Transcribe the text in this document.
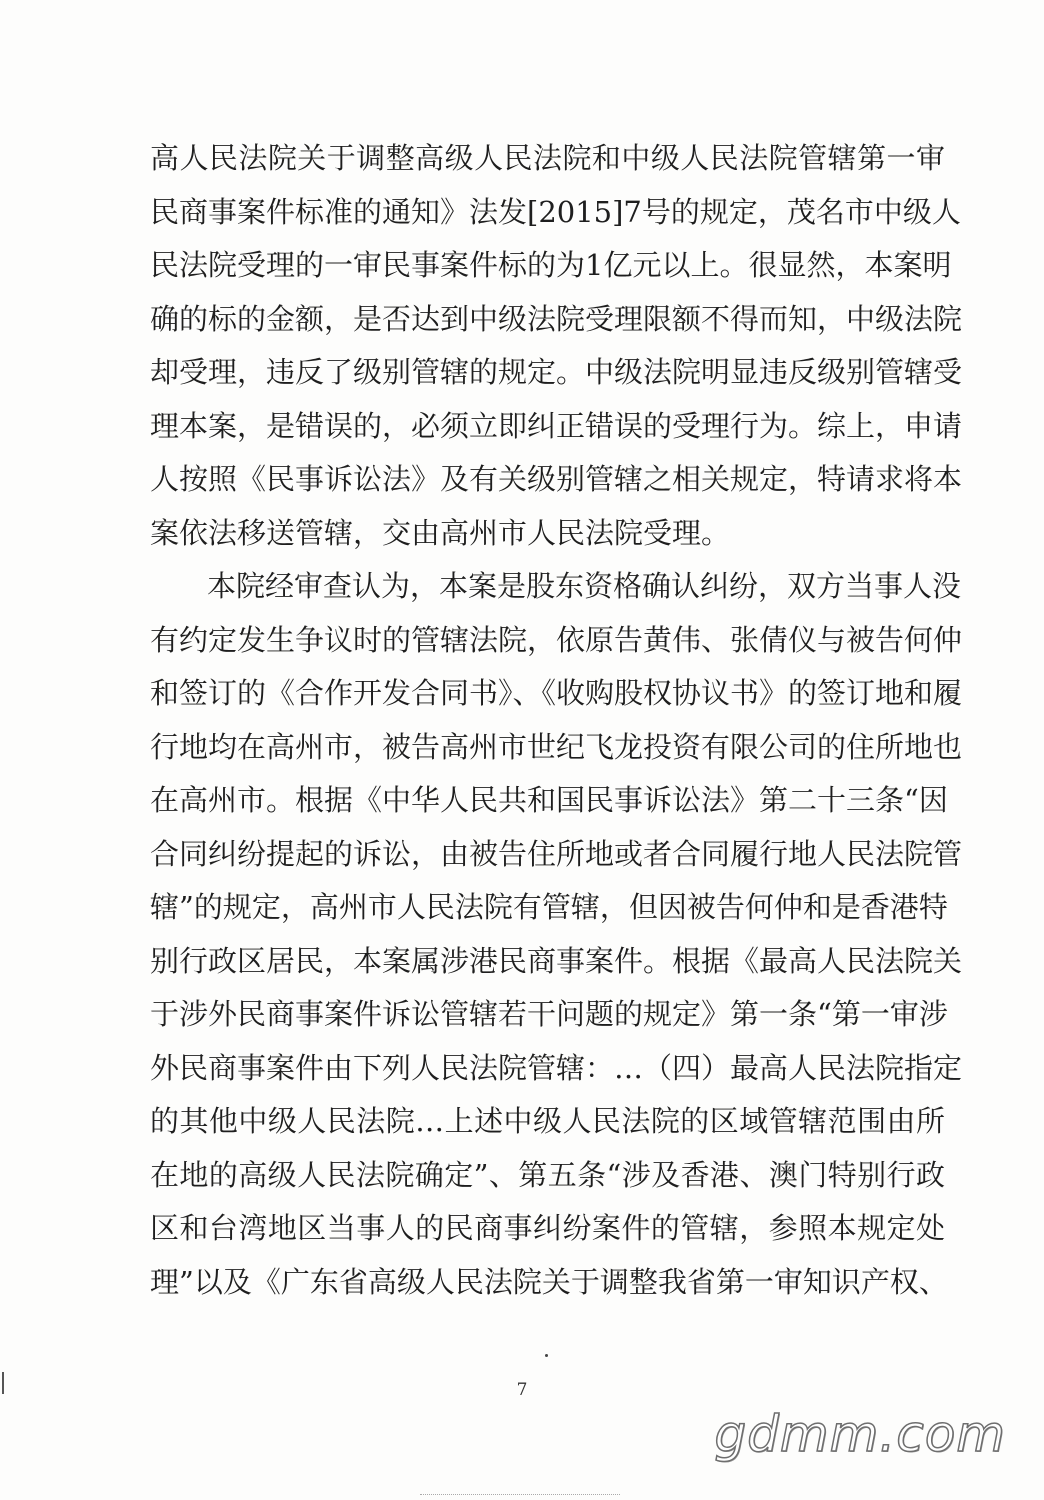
高人民法院关于调整高级人民法院和中级人民法院管辖第一审
民商事案件标准的通知》法发[2015]7号的规定，茂名市中级人
民法院受理的一审民事案件标的为1亿元以上。很显然，本案明
确的标的金额，是否达到中级法院受理限额不得而知，中级法院
却受理，违反了级别管辖的规定。中级法院明显违反级别管辖受
理本案，是错误的，必须立即纠正错误的受理行为。综上，申请
人按照《民事诉讼法》及有关级别管辖之相关规定，特请求将本
案依法移送管辖，交由高州市人民法院受理。
本院经审查认为，本案是股东资格确认纠纷，双方当事人没
有约定发生争议时的管辖法院，依原告黄伟、张倩仪与被告何仲
和签订的《合作开发合同书》、《收购股权协议书》的签订地和履
行地均在高州市，被告高州市世纪飞龙投资有限公司的住所地也
在高州市。根据《中华人民共和国民事诉讼法》第二十三条“因
合同纠纷提起的诉讼，由被告住所地或者合同履行地人民法院管
辖”的规定，高州市人民法院有管辖，但因被告何仲和是香港特
别行政区居民，本案属涉港民商事案件。根据《最高人民法院关
于涉外民商事案件诉讼管辖若干问题的规定》第一条“第一审涉
外民商事案件由下列人民法院管辖：…（四）最高人民法院指定
的其他中级人民法院…上述中级人民法院的区域管辖范围由所
在地的高级人民法院确定”、第五条“涉及香港、澳门特别行政
区和台湾地区当事人的民商事纠纷案件的管辖，参照本规定处
理”以及《广东省高级人民法院关于调整我省第一审知识产权、
7
gdmm.com
